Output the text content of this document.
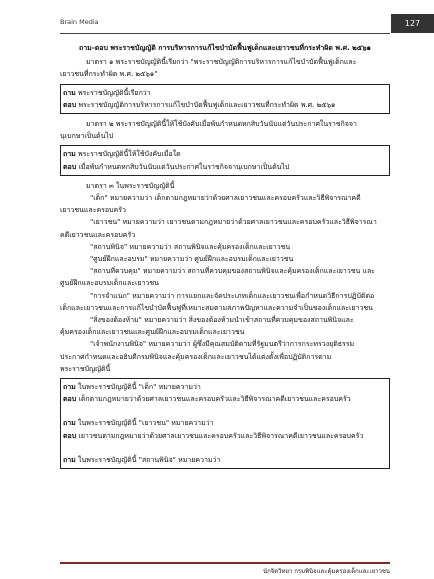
Brain Media	127

ถาม-ตอบ พระราชบัญญัติ การบริหารการแก้ไขบำบัดฟื้นฟูเด็กและเยาวชนที่กระทำผิด พ.ศ. ๒๕๖๑

มาตรา ๑ พระราชบัญญัตินี้เรียกว่า "พระราชบัญญัติการบริหารการแก้ไขบำบัดฟื้นฟูเด็กและ

เยาวชนที่กระทำผิด พ.ศ. ๒๕๖๑"

ถาม พระราชบัญญัตินี้เรียกว่า

ตอบ พระราชบัญญัติการบริหารการแก้ไขบำบัดฟื้นฟูเด็กและเยาวชนที่กระทำผิด พ.ศ. ๒๕๖๑

มาตรา ๒ พระราชบัญญัตินี้ให้ใช้บังคับเมื่อพ้นกำหนดหกสิบวันนับแต่วันประกาศในราชกิจจา

นุเบกษาเป็นต้นไป

ถาม พระราชบัญญัตินี้ให้ใช้บังคับเมื่อใด

ตอบ เมื่อพ้นกำหนดหกสิบวันนับแต่วันประกาศในราชกิจจานุเบกษาเป็นต้นไป

มาตรา ๓ ในพระราชบัญญัตินี้

"เด็ก" หมายความว่า เด็กตามกฎหมายว่าด้วยศาลเยาวชนและครอบครัวและวิธีพิจารณาคดี

เยาวชนและครอบครัว

"เยาวชน" หมายความว่า เยาวชนตามกฎหมายว่าด้วยศาลเยาวชนและครอบครัวและวิธีพิจารณา

คดีเยาวชนและครอบครัว

"สถานพินิจ" หมายความว่า สถานพินิจและคุ้มครองเด็กและเยาวชน

"ศูนย์ฝึกและอบรม" หมายความว่า ศูนย์ฝึกและอบรมเด็กและเยาวชน

"สถานที่ควบคุม" หมายความว่า สถานที่ควบคุมของสถานพินิจและคุ้มครองเด็กและเยาวชน และ

ศูนย์ฝึกและอบรมเด็กและเยาวชน

"การจำแนก" หมายความว่า การแยกและจัดประเภทเด็กและเยาวชนเพื่อกำหนดวิธีการปฏิบัติต่อ

เด็กและเยาวชนและการแก้ไขบำบัดฟื้นฟูที่เหมาะสมตามสภาพปัญหาและความจำเป็นของเด็กและเยาวชน

"สิ่งของต้องห้าม" หมายความว่า สิ่งของต้องห้ามนำเข้าสถานที่ควบคุมของสถานพินิจและ

คุ้มครองเด็กและเยาวชนและศูนย์ฝึกและอบรมเด็กและเยาวชน

"เจ้าพนักงานพินิจ" หมายความว่า ผู้ซึ่งมีคุณสมบัติตามที่รัฐมนตรีว่าการกระทรวงยุติธรรม

ประกาศกำหนดและอธิบดีกรมพินิจและคุ้มครองเด็กและเยาวชนได้แต่งตั้งเพื่อปฏิบัติการตาม

พระราชบัญญัตินี้

ถาม ในพระราชบัญญัตินี้ "เด็ก" หมายความว่า

ตอบ เด็กตามกฎหมายว่าด้วยศาลเยาวชนและครอบครัวและวิธีพิจารณาคดีเยาวชนและครอบครัว

ถาม ในพระราชบัญญัตินี้ "เยาวชน" หมายความว่า

ตอบ เยาวชนตามกฎหมายว่าด้วยศาลเยาวชนและครอบครัวและวิธีพิจารณาคดีเยาวชนและครอบครัว

ถาม ในพระราชบัญญัตินี้ "สถานพินิจ" หมายความว่า

นักจิตวิทยา กรมพินิจและคุ้มครองเด็กและเยาวชน
